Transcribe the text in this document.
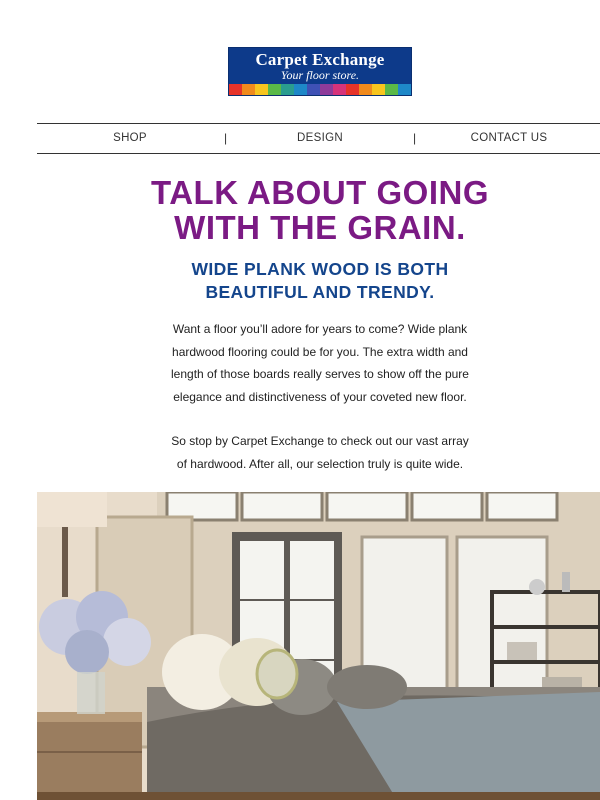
Carpet Exchange
Your floor store.
SHOP	|	DESIGN	|	CONTACT US
TALK ABOUT GOING
WITH THE GRAIN.
WIDE PLANK WOOD IS BOTH
BEAUTIFUL AND TRENDY.
Want a floor you’ll adore for years to come? Wide plank
hardwood flooring could be for you. The extra width and
length of those boards really serves to show off the pure
elegance and distinctiveness of your coveted new floor.
So stop by Carpet Exchange to check out our vast array
of hardwood. After all, our selection truly is quite wide.
